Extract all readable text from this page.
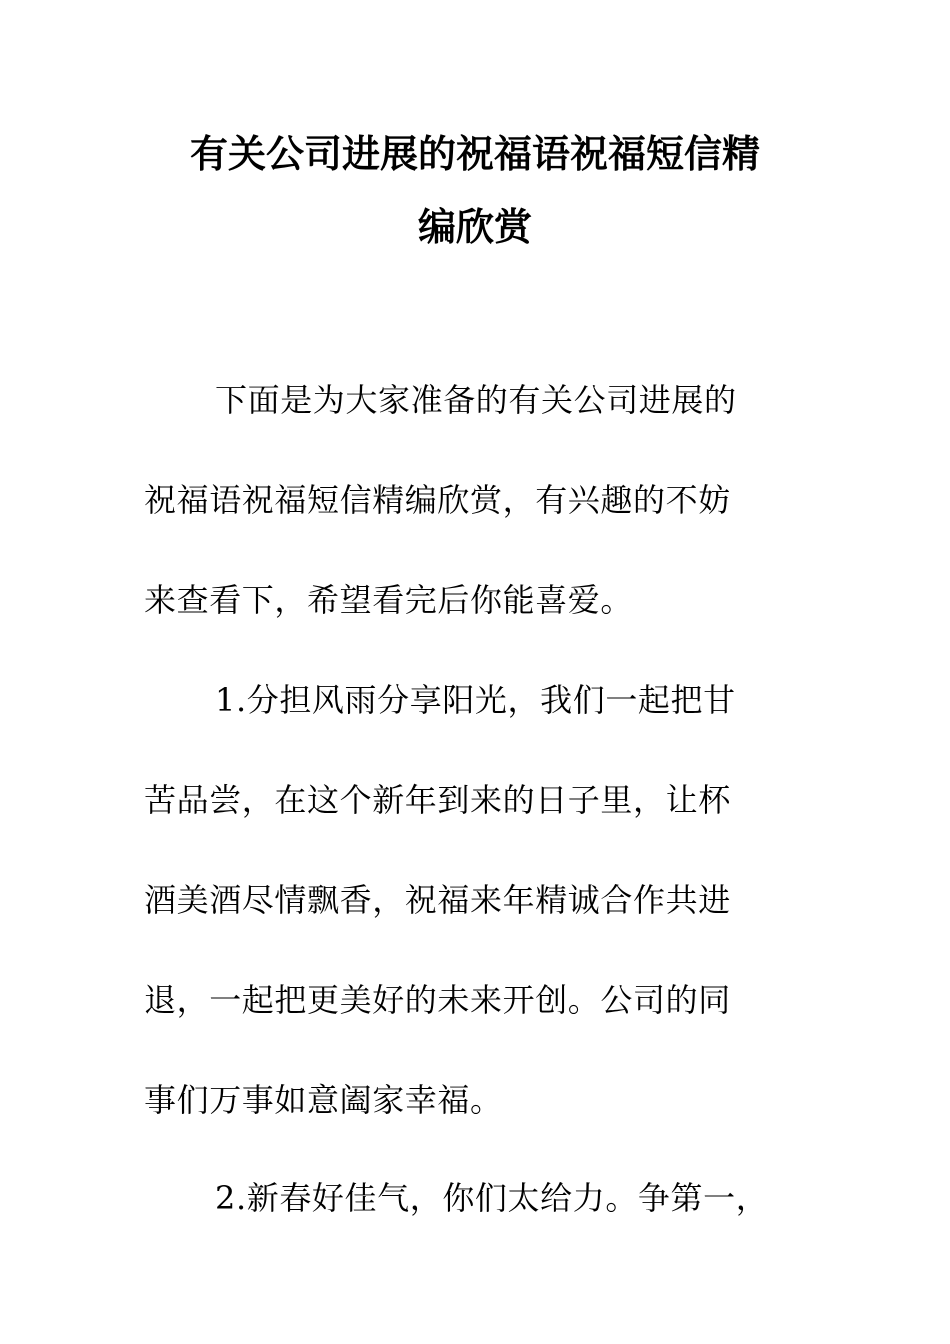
有关公司进展的祝福语祝福短信精
编欣赏

下面是为大家准备的有关公司进展的

祝福语祝福短信精编欣赏，有兴趣的不妨

来查看下，希望看完后你能喜爱。

1.分担风雨分享阳光，我们一起把甘

苦品尝，在这个新年到来的日子里，让杯

酒美酒尽情飘香，祝福来年精诚合作共进

退，一起把更美好的未来开创。公司的同

事们万事如意阖家幸福。

2.新春好佳气，你们太给力。争第一，
